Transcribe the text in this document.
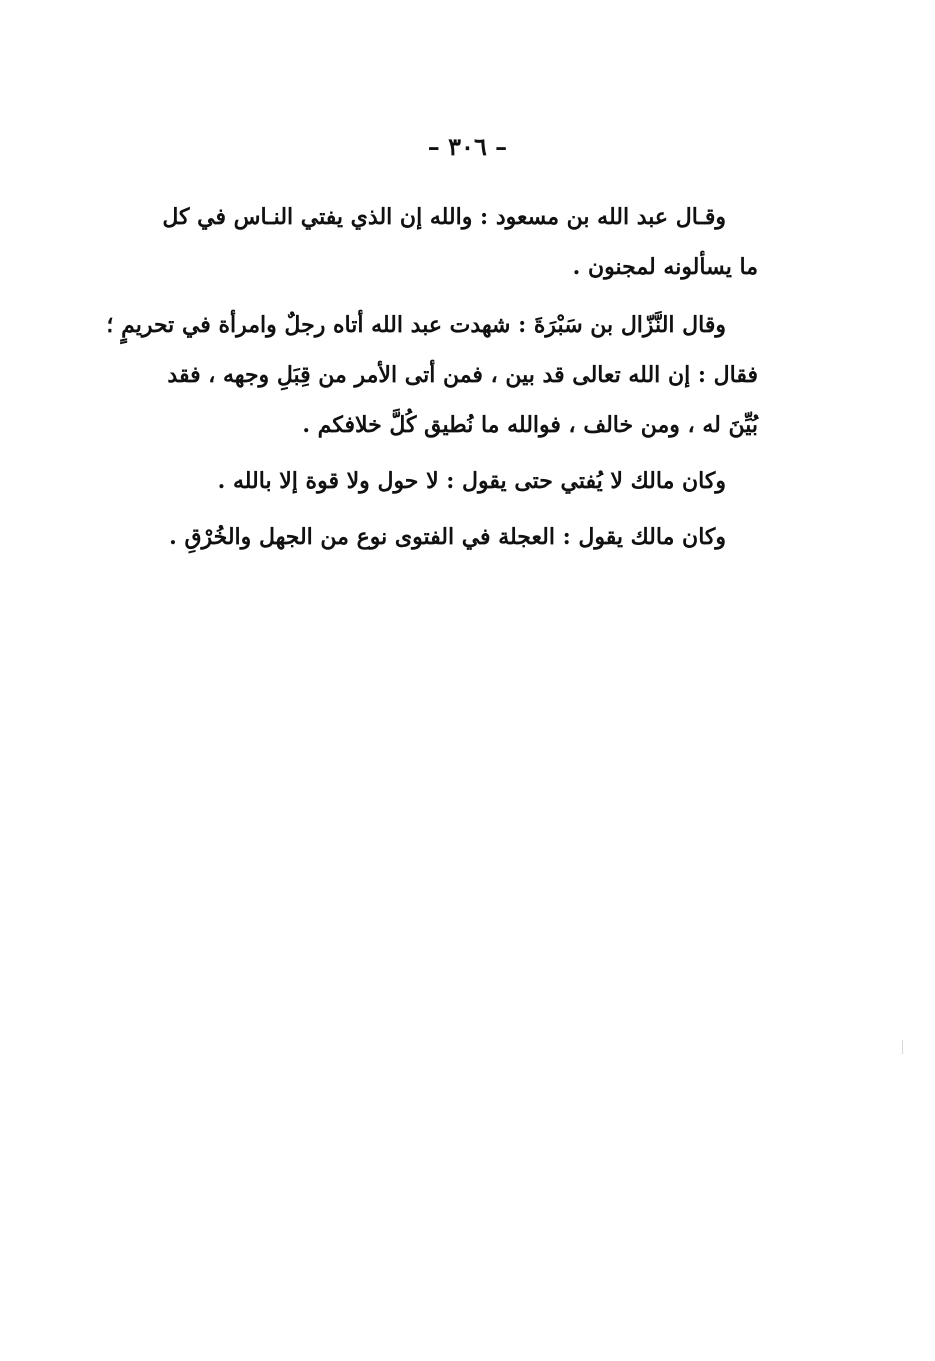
– ٣٠٦ –
وقـال عبد الله بن مسعود : والله إن الذي يفتي النـاس في كل
ما يسألونه لمجنون .
وقال النَّزّال بن سَبْرَةَ : شهدت عبد الله أتاه رجلٌ وامرأة في تحريمٍ ؛
فقال : إن الله تعالى قد بين ، فمن أتى الأمر من قِبَلِ وجهه ، فقد
بُيِّنَ له ، ومن خالف ، فوالله ما نُطيق كُلَّ خلافكم .
وكان مالك لا يُفتي حتى يقول : لا حول ولا قوة إلا بالله .
وكان مالك يقول : العجلة في الفتوى نوع من الجهل والخُرْقِ .
